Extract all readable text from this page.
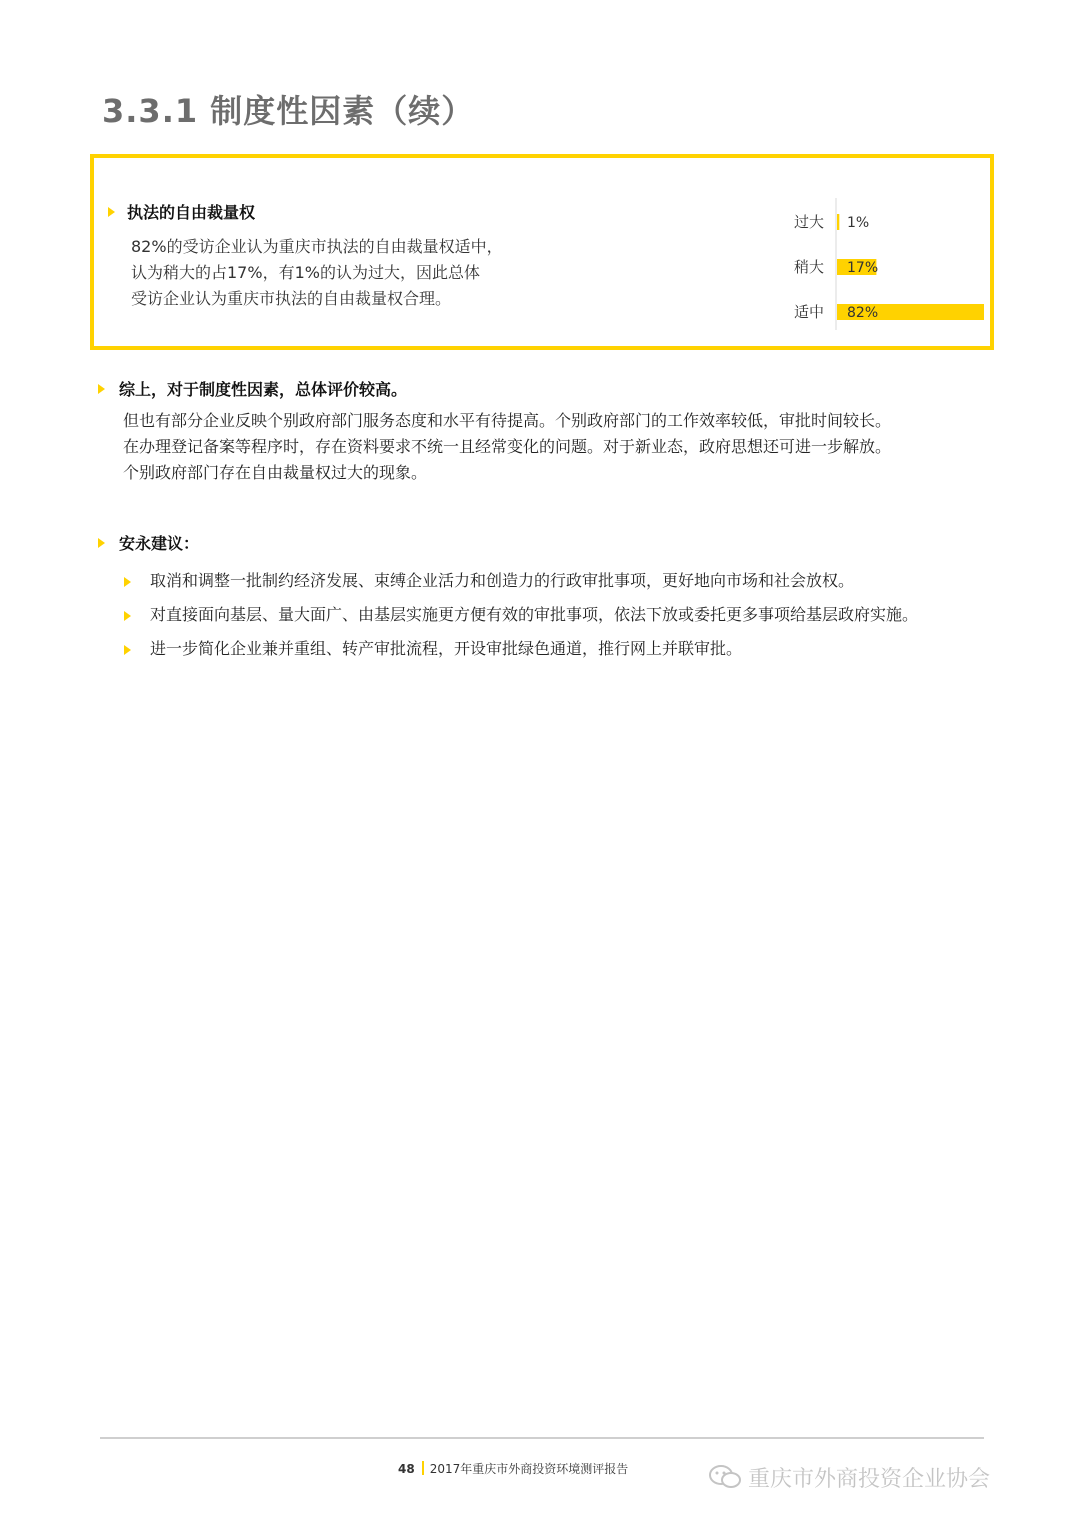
3.3.1 制度性因素（续）
执法的自由裁量权
82%的受访企业认为重庆市执法的自由裁量权适中，
认为稍大的占17%，有1%的认为过大，因此总体
受访企业认为重庆市执法的自由裁量权合理。
过大 1%
稍大 17%
适中 82%
综上，对于制度性因素，总体评价较高。
但也有部分企业反映个别政府部门服务态度和水平有待提高。个别政府部门的工作效率较低，审批时间较长。
在办理登记备案等程序时，存在资料要求不统一且经常变化的问题。对于新业态，政府思想还可进一步解放。
个别政府部门存在自由裁量权过大的现象。
安永建议：
取消和调整一批制约经济发展、束缚企业活力和创造力的行政审批事项，更好地向市场和社会放权。
对直接面向基层、量大面广、由基层实施更方便有效的审批事项，依法下放或委托更多事项给基层政府实施。
进一步简化企业兼并重组、转产审批流程，开设审批绿色通道，推行网上并联审批。
48 2017年重庆市外商投资环境测评报告	重庆市外商投资企业协会
